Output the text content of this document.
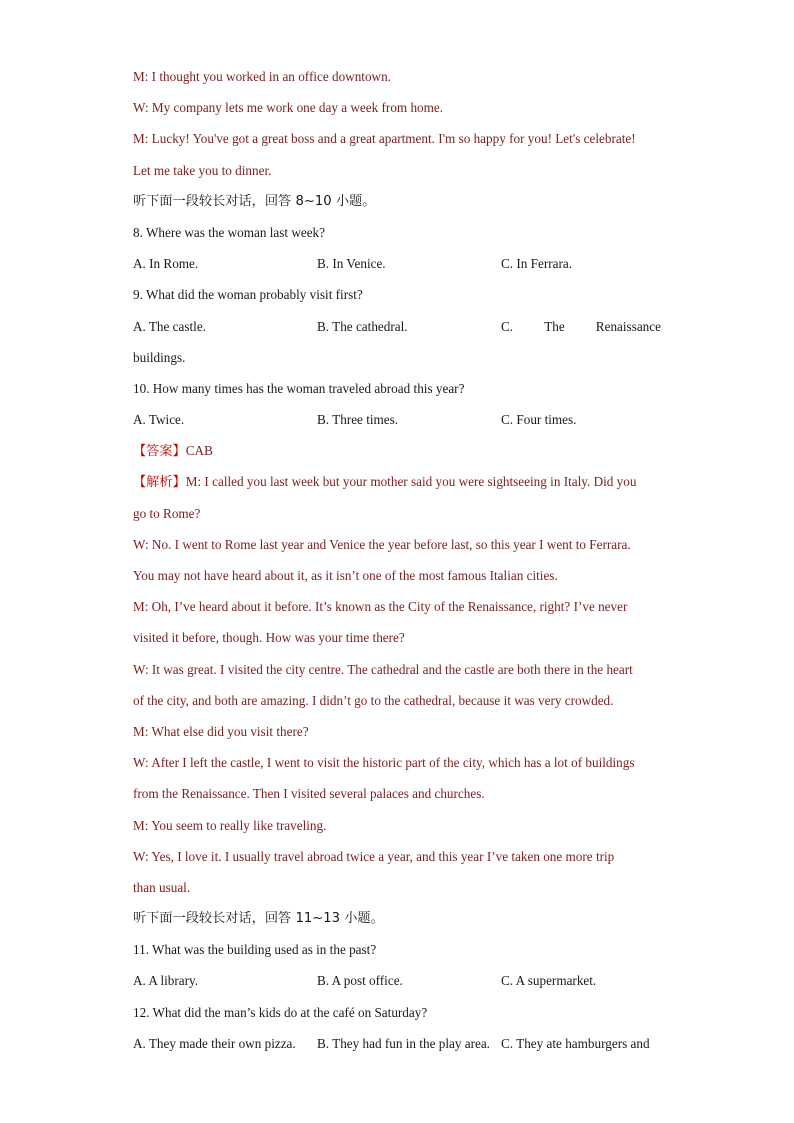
M: I thought you worked in an office downtown.
W: My company lets me work one day a week from home.
M: Lucky! You've got a great boss and a great apartment. I'm so happy for you! Let's celebrate!
Let me take you to dinner.
听下面一段较长对话，回答 8~10 小题。
8. Where was the woman last week?
A. In Rome.	B. In Venice.	C. In Ferrara.
9. What did the woman probably visit first?
A. The castle.	B. The cathedral.	C. The Renaissance
buildings.
10. How many times has the woman traveled abroad this year?
A. Twice.	B. Three times.	C. Four times.
【答案】CAB
【解析】M: I called you last week but your mother said you were sightseeing in Italy. Did you
go to Rome?
W: No. I went to Rome last year and Venice the year before last, so this year I went to Ferrara.
You may not have heard about it, as it isn’t one of the most famous Italian cities.
M: Oh, I’ve heard about it before. It’s known as the City of the Renaissance, right? I’ve never
visited it before, though. How was your time there?
W: It was great. I visited the city centre. The cathedral and the castle are both there in the heart
of the city, and both are amazing. I didn’t go to the cathedral, because it was very crowded.
M: What else did you visit there?
W: After I left the castle, I went to visit the historic part of the city, which has a lot of buildings
from the Renaissance. Then I visited several palaces and churches.
M: You seem to really like traveling.
W: Yes, I love it. I usually travel abroad twice a year, and this year I’ve taken one more trip
than usual.
听下面一段较长对话，回答 11~13 小题。
11. What was the building used as in the past?
A. A library.	B. A post office.	C. A supermarket.
12. What did the man’s kids do at the café on Saturday?
A. They made their own pizza.	B. They had fun in the play area. C. They ate hamburgers and
